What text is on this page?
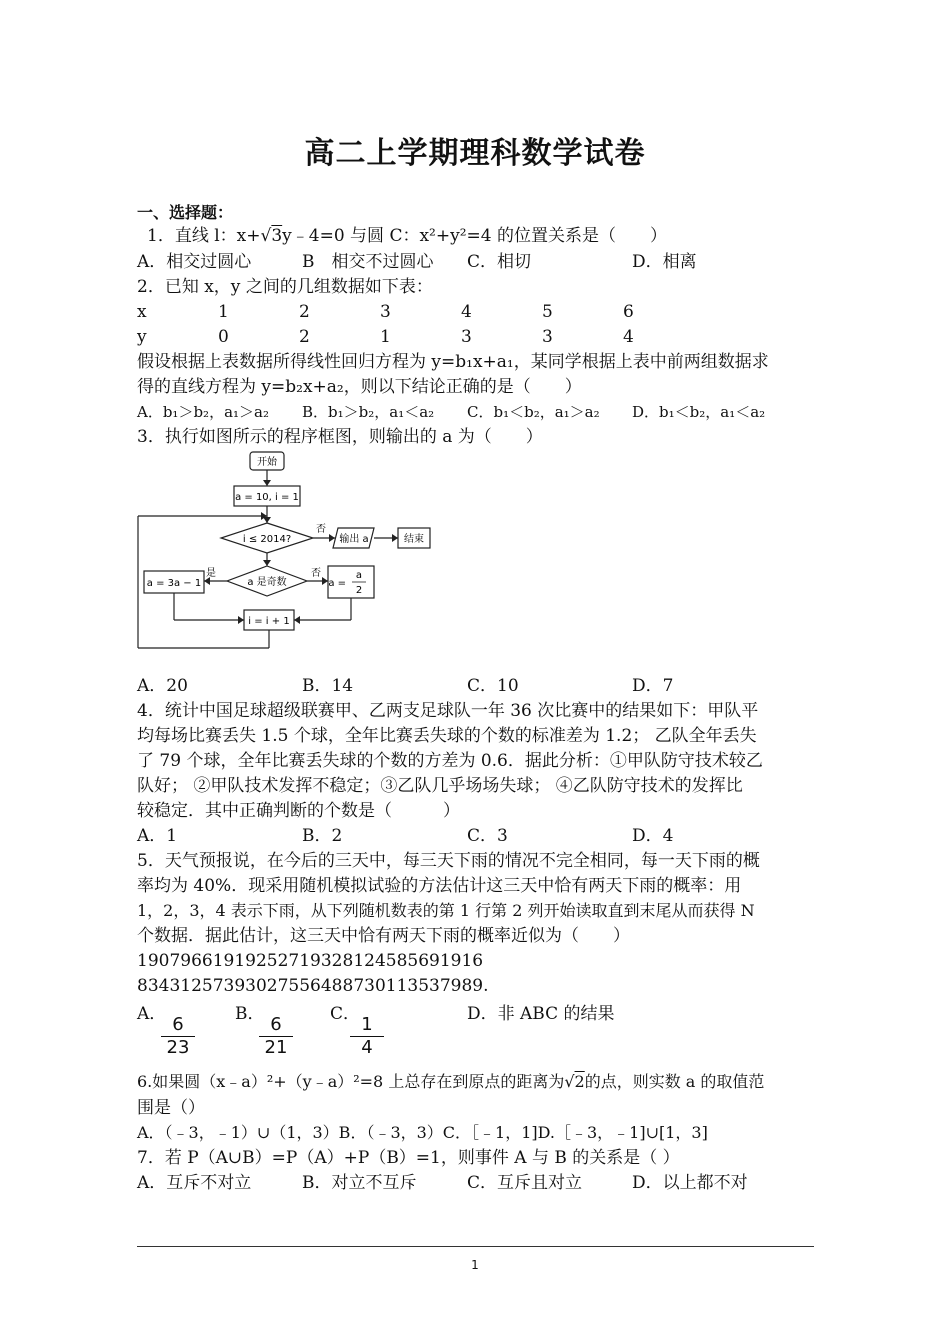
高二上学期理科数学试卷
一、选择题：
1．直线 l：x+√3y﹣4=0 与圆 C：x²+y²=4 的位置关系是（　　）
A．相交过圆心	B　相交不过圆心 C．相切	D．相离
2．已知 x，y 之间的几组数据如下表：
x	1	2	3	4	5	6
y	0	2	1	3	3	4
假设根据上表数据所得线性回归方程为 y=b₁x+a₁，某同学根据上表中前两组数据求
得的直线方程为 y=b₂x+a₂，则以下结论正确的是（　　）
A．b₁＞b₂，a₁＞a₂ B．b₁＞b₂，a₁＜a₂ C．b₁＜b₂，a₁＞a₂ D．b₁＜b₂，a₁＜a₂
3．执行如图所示的程序框图，则输出的 a 为（　　）
开始
a = 10, i = 1
i ≤ 2014?
否
输出 a	结束
a 是奇数
是	否
a = 3a − 1	a =
a
2
i = i + 1
A．20	B．14	C．10	D．7
4．统计中国足球超级联赛甲、乙两支足球队一年 36 次比赛中的结果如下：甲队平
均每场比赛丢失 1.5 个球，全年比赛丢失球的个数的标准差为 1.2； 乙队全年丢失
了 79 个球，全年比赛丢失球的个数的方差为 0.6．据此分析：①甲队防守技术较乙
队好； ②甲队技术发挥不稳定；③乙队几乎场场失球； ④乙队防守技术的发挥比
较稳定．其中正确判断的个数是（　　　）
A．1	B．2	C．3	D．4
5．天气预报说，在今后的三天中，每三天下雨的情况不完全相同，每一天下雨的概
率均为 40%．现采用随机模拟试验的方法估计这三天中恰有两天下雨的概率：用
1，2，3，4 表示下雨，从下列随机数表的第 1 行第 2 列开始读取直到末尾从而获得 N
个数据．据此估计，这三天中恰有两天下雨的概率近似为（　　）
19079661919252719328124585691916
83431257393027556488730113537989.
A．
$\frac{6}{23}$ B．
$\frac{6}{21}$ C．
$\frac{1}{4}$	D．非 ABC 的结果
6.如果圆（x﹣a）²+（y﹣a）²=8 上总存在到原点的距离为√2的点，则实数 a 的取值范
围是（）
A．（﹣3，﹣1）∪（1，3）B．（﹣3，3）C．［﹣1，1]D.［﹣3，﹣1]∪[1，3]
7．若 P（A∪B）=P（A）+P（B）=1，则事件 A 与 B 的关系是（ ）
A．互斥不对立	B．对立不互斥	C．互斥且对立	D．以上都不对
1
